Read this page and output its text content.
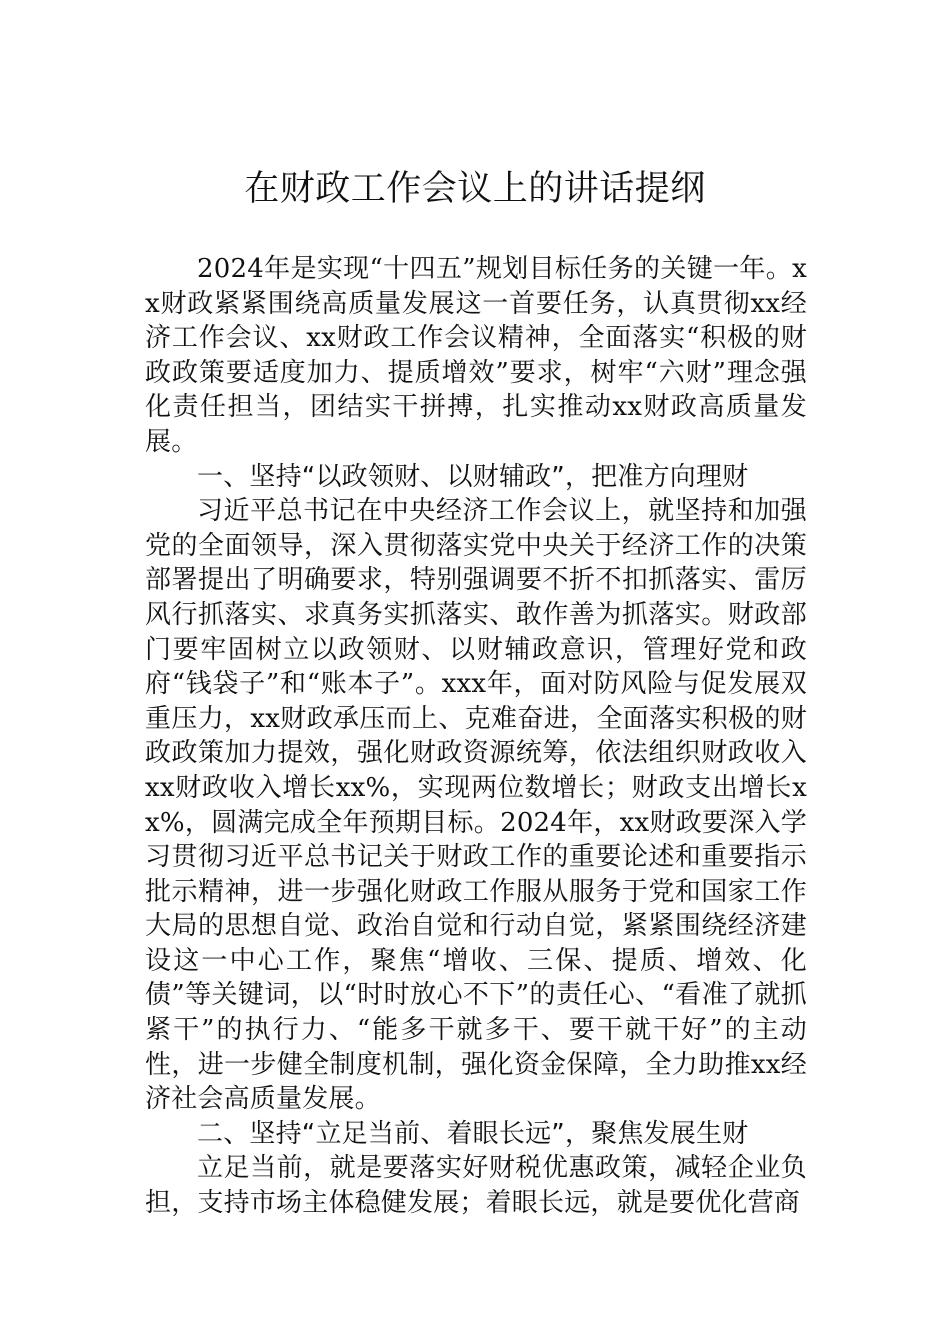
在财政工作会议上的讲话提纲

2024年是实现“十四五”规划目标任务的关键一年。xx财政紧紧围绕高质量发展这一首要任务，认真贯彻xx经济工作会议、xx财政工作会议精神，全面落实“积极的财政政策要适度加力、提质增效”要求，树牢“六财”理念强化责任担当，团结实干拼搏，扎实推动xx财政高质量发展。

一、坚持“以政领财、以财辅政”，把准方向理财

习近平总书记在中央经济工作会议上，就坚持和加强党的全面领导，深入贯彻落实党中央关于经济工作的决策部署提出了明确要求，特别强调要不折不扣抓落实、雷厉风行抓落实、求真务实抓落实、敢作善为抓落实。财政部门要牢固树立以政领财、以财辅政意识，管理好党和政府“钱袋子”和“账本子”。xxx年，面对防风险与促发展双重压力，xx财政承压而上、克难奋进，全面落实积极的财政政策加力提效，强化财政资源统筹，依法组织财政收入xx财政收入增长xx%，实现两位数增长；财政支出增长xx%，圆满完成全年预期目标。2024年，xx财政要深入学习贯彻习近平总书记关于财政工作的重要论述和重要指示批示精神，进一步强化财政工作服从服务于党和国家工作大局的思想自觉、政治自觉和行动自觉，紧紧围绕经济建设这一中心工作，聚焦“增收、三保、提质、增效、化债”等关键词，以“时时放心不下”的责任心、“看准了就抓紧干”的执行力、“能多干就多干、要干就干好”的主动性，进一步健全制度机制，强化资金保障，全力助推xx经济社会高质量发展。

二、坚持“立足当前、着眼长远”，聚焦发展生财

立足当前，就是要落实好财税优惠政策，减轻企业负担，支持市场主体稳健发展；着眼长远，就是要优化营商
